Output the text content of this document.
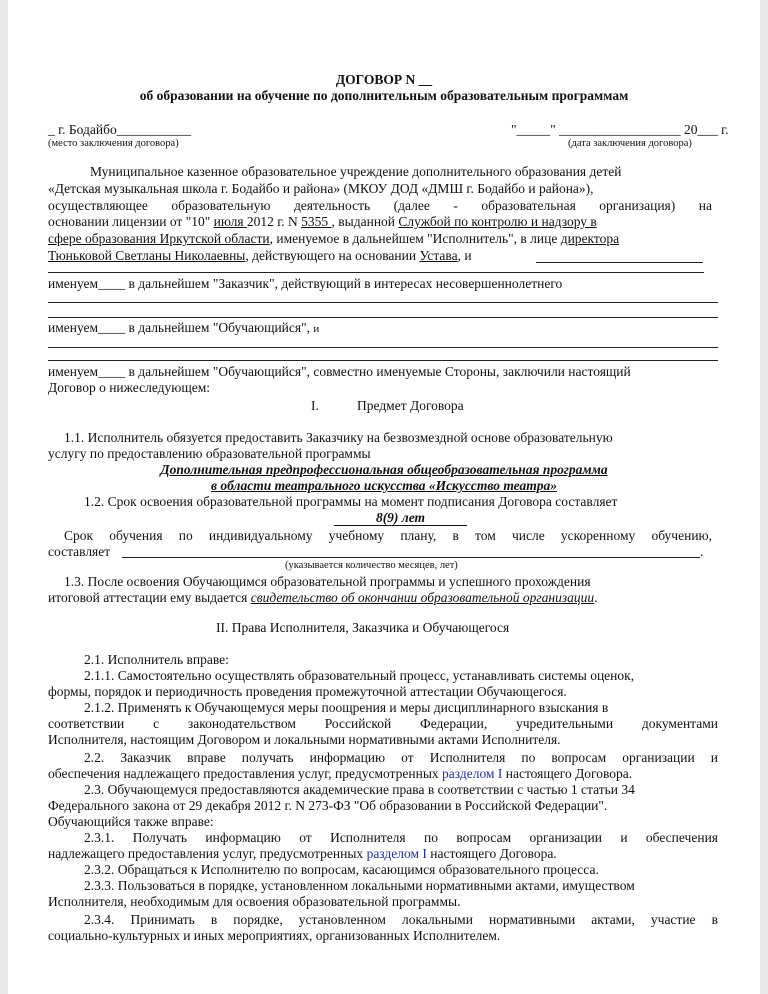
ДОГОВОР N __
об образовании на обучение по дополнительным образовательным программам
_ г. Бодайбо___________
(место заключения договора)
"_____" __________________ 20___ г.
(дата заключения договора)
Муниципальное казенное образовательное учреждение дополнительного образования детей
«Детская музыкальная школа г. Бодайбо и района» (МКОУ ДОД «ДМШ г. Бодайбо и района»),
осуществляющее образовательную деятельность (далее - образовательная организация) на
основании лицензии от "10" июля 2012 г. N 5355 , выданной Службой по контролю и надзору в
сфере образования Иркутской области, именуемое в дальнейшем "Исполнитель", в лице директора
Тюньковой Светланы Николаевны, действующего на основании Устава, и
именуем____ в дальнейшем "Заказчик", действующий в интересах несовершеннолетнего
именуем____ в дальнейшем "Обучающийся", и
именуем____ в дальнейшем "Обучающийся", совместно именуемые Стороны, заключили настоящий
Договор о нижеследующем:
I.	Предмет Договора
1.1. Исполнитель обязуется предоставить Заказчику на безвозмездной основе образовательную
услугу по предоставлению образовательной программы
Дополнительная предпрофессиональная общеобразовательная программа
в области театрального искусства «Искусство театра»
1.2. Срок освоения образовательной программы на момент подписания Договора составляет
8(9) лет
Срок обучения по индивидуальному учебному плану, в том числе ускоренному обучению,
составляет	.
(указывается количество месяцев, лет)
1.3. После освоения Обучающимся образовательной программы и успешного прохождения
итоговой аттестации ему выдается свидетельство об окончании образовательной организации.
II. Права Исполнителя, Заказчика и Обучающегося
2.1. Исполнитель вправе:
2.1.1. Самостоятельно осуществлять образовательный процесс, устанавливать системы оценок,
формы, порядок и периодичность проведения промежуточной аттестации Обучающегося.
2.1.2. Применять к Обучающемуся меры поощрения и меры дисциплинарного взыскания в
соответствии с законодательством Российской Федерации, учредительными документами
Исполнителя, настоящим Договором и локальными нормативными актами Исполнителя.
2.2. Заказчик вправе получать информацию от Исполнителя по вопросам организации и
обеспечения надлежащего предоставления услуг, предусмотренных разделом I настоящего Договора.
2.3. Обучающемуся предоставляются академические права в соответствии с частью 1 статьи 34
Федерального закона от 29 декабря 2012 г. N 273-ФЗ "Об образовании в Российской Федерации".
Обучающийся также вправе:
2.3.1. Получать информацию от Исполнителя по вопросам организации и обеспечения
надлежащего предоставления услуг, предусмотренных разделом I настоящего Договора.
2.3.2. Обращаться к Исполнителю по вопросам, касающимся образовательного процесса.
2.3.3. Пользоваться в порядке, установленном локальными нормативными актами, имуществом
Исполнителя, необходимым для освоения образовательной программы.
2.3.4. Принимать в порядке, установленном локальными нормативными актами, участие в
социально-культурных и иных мероприятиях, организованных Исполнителем.
